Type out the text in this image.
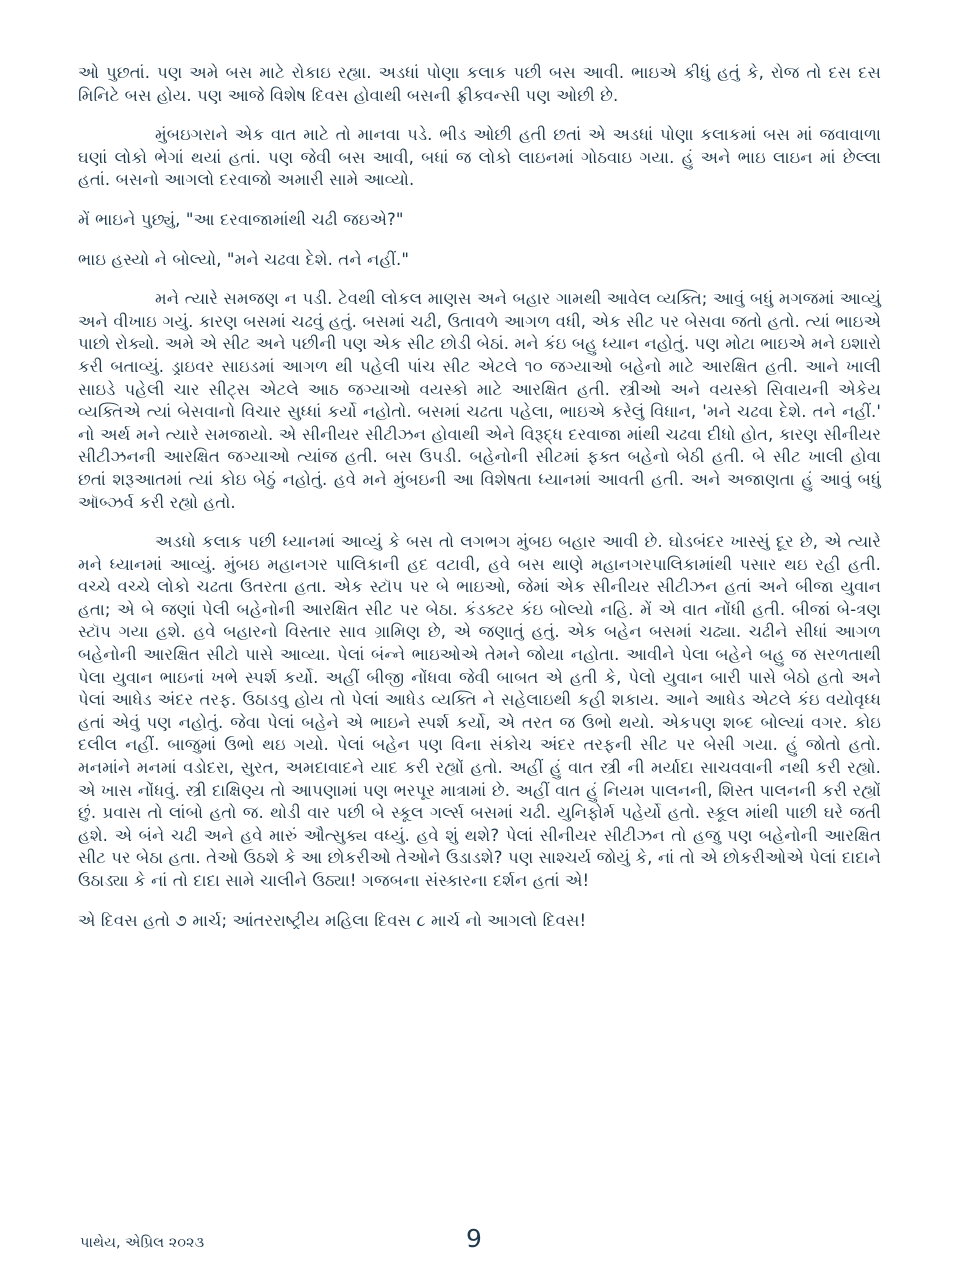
ઓ પુછતાં. પણ અમે બસ માટે રોકાઇ રહ્યા. અડધાં પોણા કલાક પછી બસ આવી. ભાઇએ કીધું હતું કે, રોજ તો દસ દસ મિનિટે બસ હોય. પણ આજે વિશેષ દિવસ હોવાથી બસની ફ્રીક્વન્સી પણ ઓછી છે.

મુંબઇગરાને એક વાત માટે તો માનવા પડે. ભીડ ઓછી હતી છતાં એ અડધાં પોણા કલાકમાં બસ માં જવાવાળા ઘણાં લોકો ભેગાં થયાં હતાં. પણ જેવી બસ આવી, બધાં જ લોકો લાઇનમાં ગોઠવાઇ ગયા. હું અને ભાઇ લાઇન માં છેલ્લા હતાં. બસનો આગલો દરવાજો અમારી સામે આવ્યો.

મેં ભાઇને પુછ્યું, "આ દરવાજામાંથી ચઢી જઇએ?"

ભાઇ હસ્યો ને બોલ્યો, "મને ચઢવા દેશે. તને નહીં."

મને ત્યારે સમજણ ન પડી. ટેવથી લોકલ માણસ અને બહાર ગામથી આવેલ વ્યક્તિ; આવું બધું મગજમાં આવ્યું અને વીખાઇ ગયું. કારણ બસમાં ચઢવું હતું. બસમાં ચઢી, ઉતાવળે આગળ વધી, એક સીટ પર બેસવા જતો હતો. ત્યાં ભાઇએ પાછો રોક્યો. અમે એ સીટ અને પછીની પણ એક સીટ છોડી બેઠાં. મને કંઇ બહુ ધ્યાન નહોતું. પણ મોટા ભાઇએ મને ઇશારો કરી બતાવ્યું. ડ્રાઇવર સાઇડમાં આગળ થી પહેલી પાંચ સીટ એટલે ૧૦ જગ્યાઓ બહેનો માટે આરક્ષિત હતી. આને ખાલી સાઇડે પહેલી ચાર સીટ્સ એટલે આઠ જગ્યાઓ વયસ્કો માટે આરક્ષિત હતી. સ્ત્રીઓ અને વયસ્કો સિવાયની એકેય વ્યક્તિએ ત્યાં બેસવાનો વિચાર સુધ્ધાં કર્યો નહોતો. બસમાં ચઢતા પહેલા, ભાઇએ કરેલું વિધાન, 'મને ચઢવા દેશે. તને નહીં.' નો અર્થ મને ત્યારે સમજાયો. એ સીનીયર સીટીઝન હોવાથી એને વિરૂદ્ધ દરવાજા માંથી ચઢવા દીધો હોત, કારણ સીનીયર સીટીઝનની આરક્ષિત જગ્યાઓ ત્યાંજ હતી. બસ ઉપડી. બહેનોની સીટમાં ફક્ત બહેનો બેઠી હતી. બે સીટ ખાલી હોવા છતાં શરૂઆતમાં ત્યાં કોઇ બેઠું નહોતું. હવે મને મુંબઇની આ વિશેષતા ધ્યાનમાં આવતી હતી. અને અજાણતા હું આવું બધું ઑબ્ઝર્વ કરી રહ્યો હતો.

અડધો કલાક પછી ધ્યાનમાં આવ્યું કે બસ તો લગભગ મુંબઇ બહાર આવી છે. ઘોડબંદર ખાસ્સું દૂર છે, એ ત્યારે મને ધ્યાનમાં આવ્યું. મુંબઇ મહાનગર પાલિકાની હદ વટાવી, હવે બસ થાણે મહાનગરપાલિકામાંથી પસાર થઇ રહી હતી. વચ્ચે વચ્ચે લોકો ચઢતા ઉતરતા હતા. એક સ્ટૉપ પર બે ભાઇઓ, જેમાં એક સીનીયર સીટીઝન હતાં અને બીજા યુવાન હતા; એ બે જણાં પેલી બહેનોની આરક્ષિત સીટ પર બેઠા. કંડક્ટર કંઇ બોલ્યો નહિ. મેં એ વાત નોંધી હતી. બીજાં બે-ત્રણ સ્ટૉપ ગયા હશે. હવે બહારનો વિસ્તાર સાવ ગ્રામિણ છે, એ જણાતું હતું. એક બહેન બસમાં ચઢ્યા. ચઢીને સીધાં આગળ બહેનોની આરક્ષિત સીટો પાસે આવ્યા. પેલાં બંન્ને ભાઇઓએ તેમને જોયા નહોતા. આવીને પેલા બહેને બહુ જ સરળતાથી પેલા યુવાન ભાઇનાં ખભે સ્પર્શ કર્યો. અહીં બીજી નોંધવા જેવી બાબત એ હતી કે, પેલો યુવાન બારી પાસે બેઠો હતો અને પેલાં આધેડ અંદર તરફ. ઉઠાડવુ હોય તો પેલાં આધેડ વ્યક્તિ ને સહેલાઇથી કહી શકાય. આને આધેડ એટલે કંઇ વયોવૃધ્ધ હતાં એવું પણ નહોતું. જેવા પેલાં બહેને એ ભાઇને સ્પર્શ કર્યો, એ તરત જ ઉભો થયો. એકપણ શબ્દ બોલ્યાં વગર. કોઇ દલીલ નહીં. બાજુમાં ઉભો થઇ ગયો. પેલાં બહેન પણ વિના સંકોચ અંદર તરફની સીટ પર બેસી ગયા. હું જોતો હતો. મનમાંને મનમાં વડોદરા, સુરત, અમદાવાદને યાદ કરી રહ્યોં હતો. અહીં હું વાત સ્ત્રી ની મર્યાદા સાચવવાની નથી કરી રહ્યો. એ ખાસ નોંધવું. સ્ત્રી દાક્ષિણ્ય તો આપણામાં પણ ભરપૂર માત્રામાં છે. અહીં વાત હું નિયમ પાલનની, શિસ્ત પાલનની કરી રહ્યોં છું. પ્રવાસ તો લાંબો હતો જ. થોડી વાર પછી બે સ્કૂલ ગર્લ્સ બસમાં ચઢી. યુનિફોર્મ પહેર્યો હતો. સ્કૂલ માંથી પાછી ઘરે જતી હશે. એ બંને ચઢી અને હવે મારું ઔત્સુક્ય વધ્યું. હવે શું થશે? પેલાં સીનીયર સીટીઝન તો હજુ પણ બહેનોની આરક્ષિત સીટ પર બેઠા હતા. તેઓ ઉઠશે કે આ છોકરીઓ તેઓને ઉડાડશે? પણ સાશ્ચર્ય જોયું કે, નાં તો એ છોકરીઓએ પેલાં દાદાને ઉઠાડ્યા કે નાં તો દાદા સામે ચાલીને ઉઠ્યા! ગજબના સંસ્કારના દર્શન હતાં એ!

એ દિવસ હતો ૭ માર્ચ; આંતરરાષ્ટ્રીય મહિલા દિવસ ૮ માર્ચ નો આગલો દિવસ!

પાથેય, એપ્રિલ ૨૦૨૩	9
